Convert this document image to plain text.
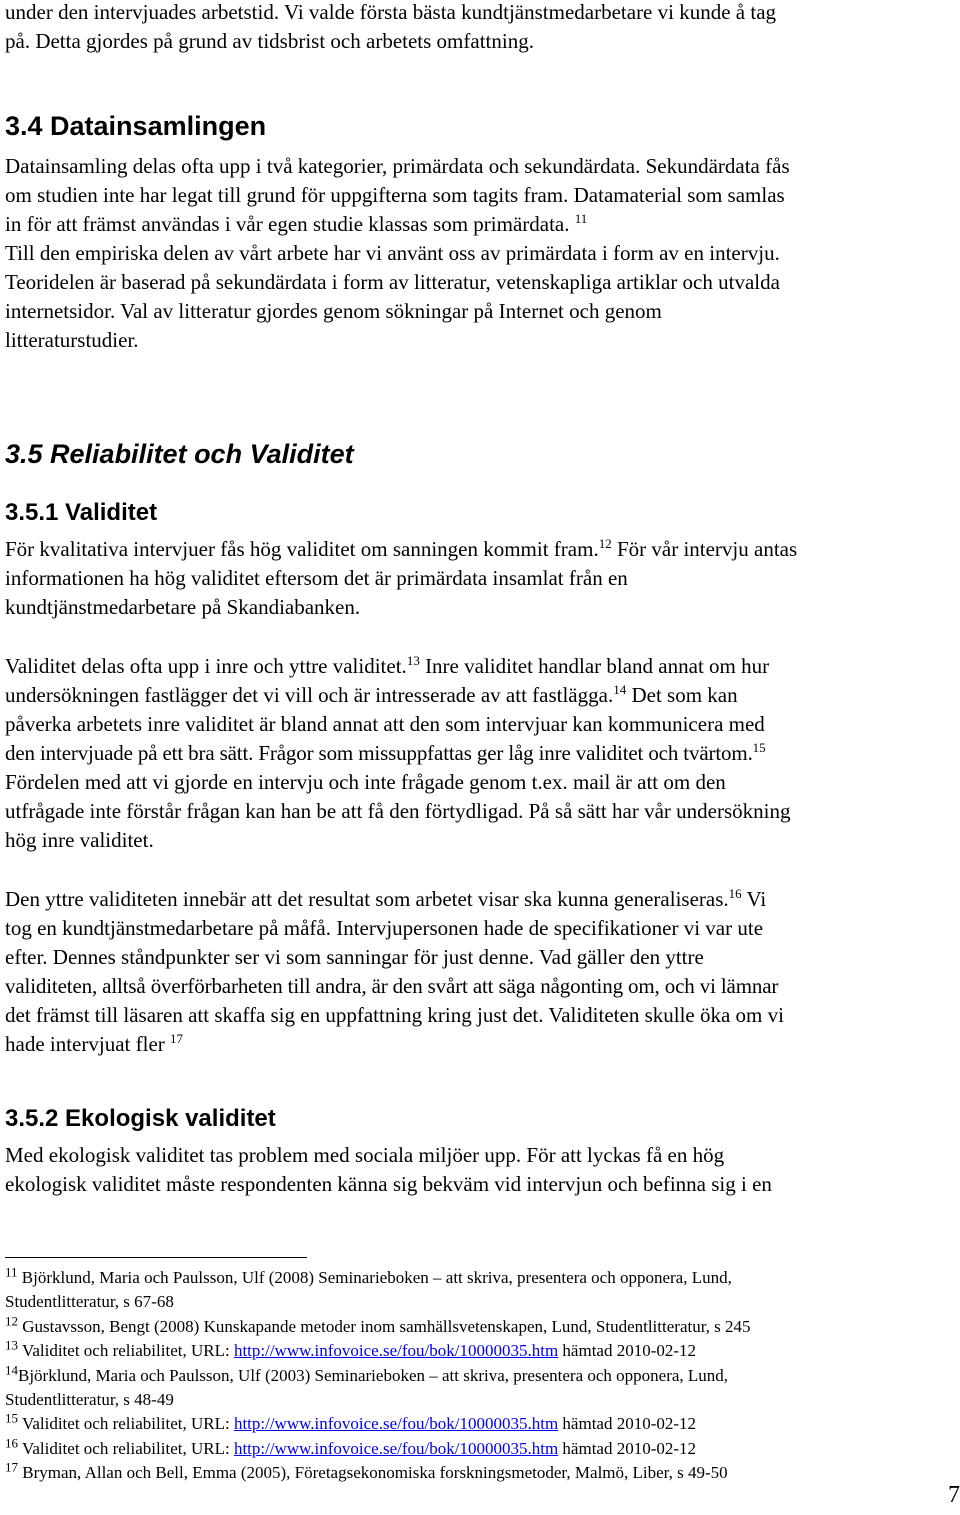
under den intervjuades arbetstid. Vi valde första bästa kundtjänstmedarbetare vi kunde å tag
på. Detta gjordes på grund av tidsbrist och arbetets omfattning.
3.4 Datainsamlingen
Datainsamling delas ofta upp i två kategorier, primärdata och sekundärdata. Sekundärdata fås
om studien inte har legat till grund för uppgifterna som tagits fram. Datamaterial som samlas
in för att främst användas i vår egen studie klassas som primärdata. $^{11}$
Till den empiriska delen av vårt arbete har vi använt oss av primärdata i form av en intervju.
Teoridelen är baserad på sekundärdata i form av litteratur, vetenskapliga artiklar och utvalda
internetsidor. Val av litteratur gjordes genom sökningar på Internet och genom
litteraturstudier.
3.5 Reliabilitet och Validitet
3.5.1 Validitet
För kvalitativa intervjuer fås hög validitet om sanningen kommit fram.$^{12}$ För vår intervju antas
informationen ha hög validitet eftersom det är primärdata insamlat från en
kundtjänstmedarbetare på Skandiabanken.
Validitet delas ofta upp i inre och yttre validitet.$^{13}$ Inre validitet handlar bland annat om hur
undersökningen fastlägger det vi vill och är intresserade av att fastlägga.$^{14}$ Det som kan
påverka arbetets inre validitet är bland annat att den som intervjuar kan kommunicera med
den intervjuade på ett bra sätt. Frågor som missuppfattas ger låg inre validitet och tvärtom.$^{15}$
Fördelen med att vi gjorde en intervju och inte frågade genom t.ex. mail är att om den
utfrågade inte förstår frågan kan han be att få den förtydligad. På så sätt har vår undersökning
hög inre validitet.
Den yttre validiteten innebär att det resultat som arbetet visar ska kunna generaliseras.$^{16}$ Vi
tog en kundtjänstmedarbetare på måfå. Intervjupersonen hade de specifikationer vi var ute
efter. Dennes ståndpunkter ser vi som sanningar för just denne. Vad gäller den yttre
validiteten, alltså överförbarheten till andra, är den svårt att säga någonting om, och vi lämnar
det främst till läsaren att skaffa sig en uppfattning kring just det. Validiteten skulle öka om vi
hade intervjuat fler $^{17}$
3.5.2 Ekologisk validitet
Med ekologisk validitet tas problem med sociala miljöer upp. För att lyckas få en hög
ekologisk validitet måste respondenten känna sig bekväm vid intervjun och befinna sig i en
$^{11}$ Björklund, Maria och Paulsson, Ulf (2008) Seminarieboken – att skriva, presentera och opponera, Lund,
Studentlitteratur, s 67-68
$^{12}$ Gustavsson, Bengt (2008) Kunskapande metoder inom samhällsvetenskapen, Lund, Studentlitteratur, s 245
$^{13}$ Validitet och reliabilitet, URL: http://www.infovoice.se/fou/bok/10000035.htm hämtad 2010-02-12
$^{14}$Björklund, Maria och Paulsson, Ulf (2003) Seminarieboken – att skriva, presentera och opponera, Lund,
Studentlitteratur, s 48-49
$^{15}$ Validitet och reliabilitet, URL: http://www.infovoice.se/fou/bok/10000035.htm hämtad 2010-02-12
$^{16}$ Validitet och reliabilitet, URL: http://www.infovoice.se/fou/bok/10000035.htm hämtad 2010-02-12
$^{17}$ Bryman, Allan och Bell, Emma (2005), Företagsekonomiska forskningsmetoder, Malmö, Liber, s 49-50
7
